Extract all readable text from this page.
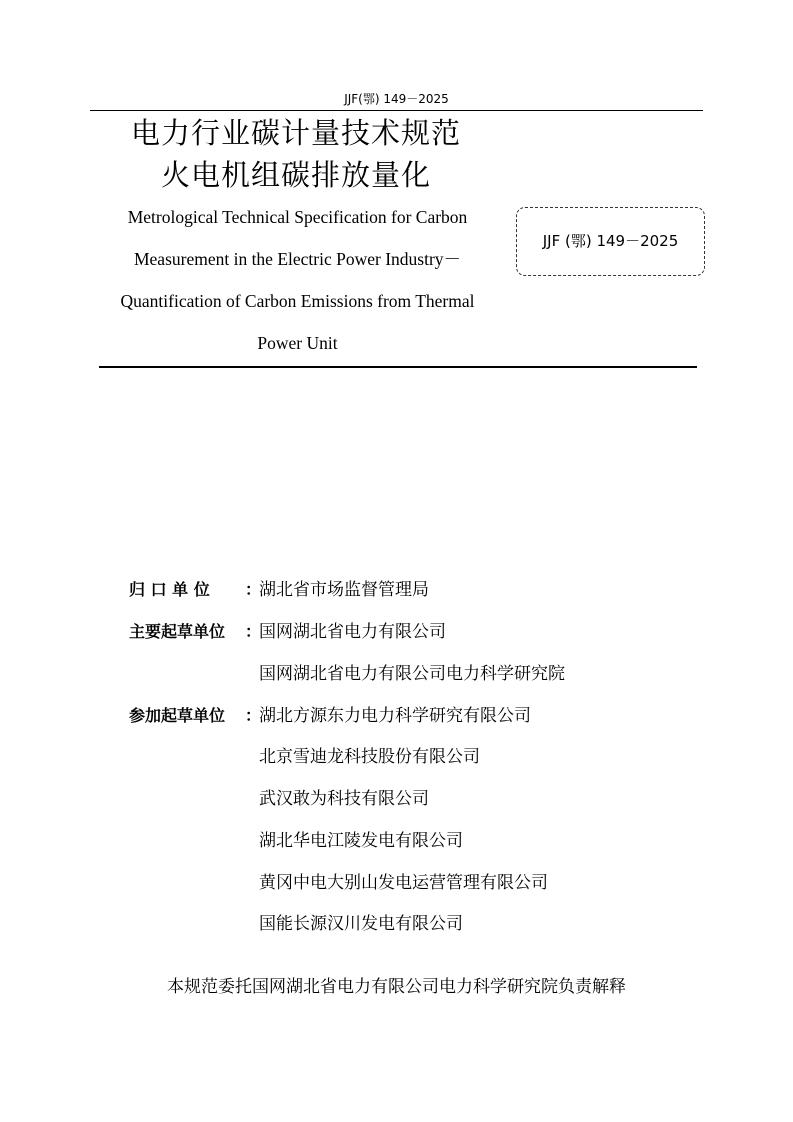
JJF(鄂) 149－2025
电力行业碳计量技术规范
火电机组碳排放量化
Metrological Technical Specification for Carbon
Measurement in the Electric Power Industry－
Quantification of Carbon Emissions from Thermal
Power Unit
JJF (鄂) 149－2025
归 口 单 位 ：
湖北省市场监督管理局
主要起草单位 ：
国网湖北省电力有限公司
国网湖北省电力有限公司电力科学研究院
参加起草单位 ：
湖北方源东力电力科学研究有限公司
北京雪迪龙科技股份有限公司
武汉敢为科技有限公司
湖北华电江陵发电有限公司
黄冈中电大别山发电运营管理有限公司
国能长源汉川发电有限公司
本规范委托国网湖北省电力有限公司电力科学研究院负责解释
